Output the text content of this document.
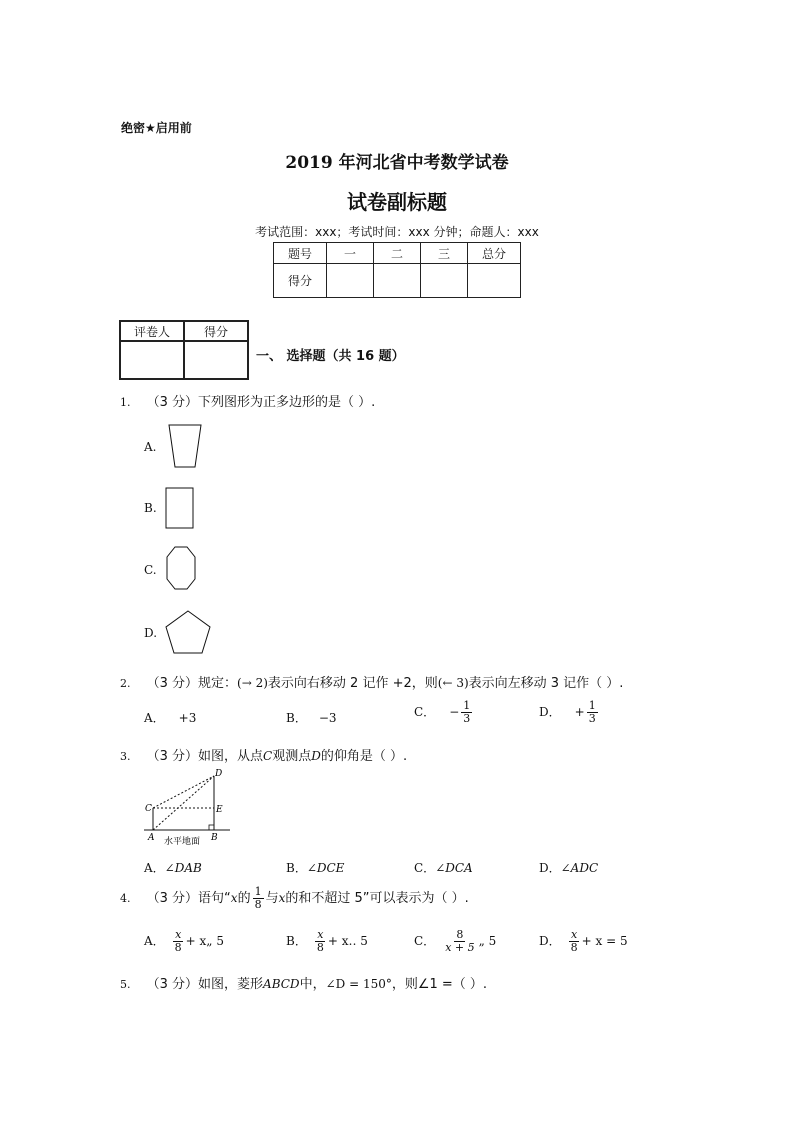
绝密★启用前
2019 年河北省中考数学试卷
试卷副标题
考试范围：xxx；考试时间：xxx 分钟；命题人：xxx
题号	一	二	三	总分
得分				
评卷人	得分

一、 选择题（共 16 题）
1. （3 分）下列图形为正多边形的是（ ）.
A.
B.
C.
D.
2. （3 分）规定：(→ 2)表示向右移动 2 记作 +2，则(← 3)表示向左移动 3 记作（ ）.
A． +3	B． −3	C． − $\frac{1}{3}$	D． + $\frac{1}{3}$
3. （3 分）如图，从点C观测点D的仰角是（ ）.
D
C	E
A	B
水平地面
A．∠DAB	B．∠DCE	C．∠DCA	D．∠ADC
4. （3 分）语句“x的 $\frac{1}{8}$ 与x的和不超过 5”可以表示为（ ）.
A． $\frac{x}{8}$ + x„ 5	B． $\frac{x}{8}$ + x‥ 5	C． $\frac{8}{x + 5}$ „ 5	D． $\frac{x}{8} + x = 5$
5. （3 分）如图，菱形ABCD中，∠D = 150°，则∠1 =（ ）.
